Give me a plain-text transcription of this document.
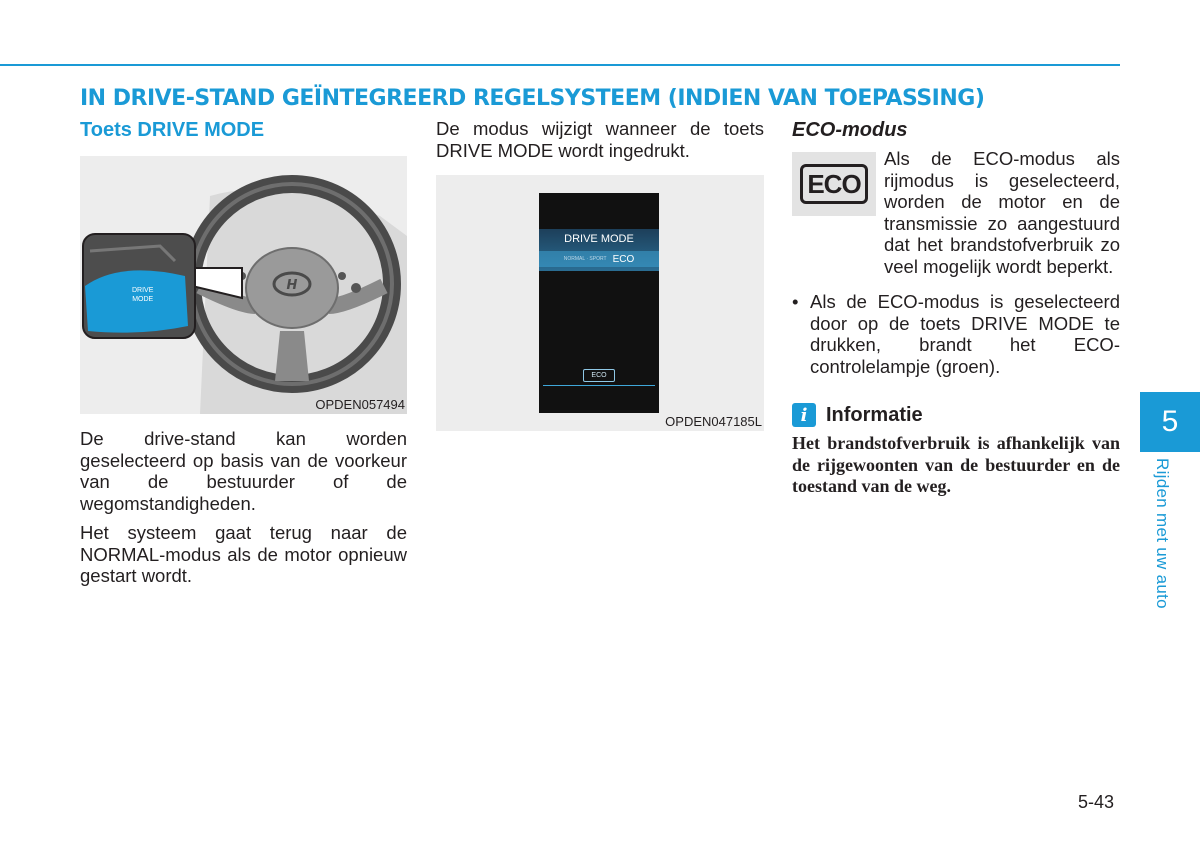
IN DRIVE-STAND GEÏNTEGREERD REGELSYSTEEM (INDIEN VAN TOEPASSING)
Toets DRIVE MODE
H
DRIVE
MODE
OPDEN057494

De drive-stand kan worden geselecteerd op basis van de voorkeur van de bestuurder of de wegomstandigheden.

Het systeem gaat terug naar de NORMAL-modus als de motor opnieuw gestart wordt.

De modus wijzigt wanneer de toets DRIVE MODE wordt ingedrukt.

DRIVE MODE
NORMAL · SPORT ECO
ECO
OPDEN047185L
ECO-modus
ECO

Als de ECO-modus als rijmodus is geselecteerd, worden de motor en de transmissie zo aangestuurd dat het brandstofverbruik zo veel mogelijk wordt beperkt.

• Als de ECO-modus is geselecteerd door op de toets DRIVE MODE te drukken, brandt het ECO-controlelampje (groen).
i Informatie
Het brandstofverbruik is afhankelijk van de rijgewoonten van de bestuurder en de toestand van de weg.
5
Rijden met uw auto
5-43
